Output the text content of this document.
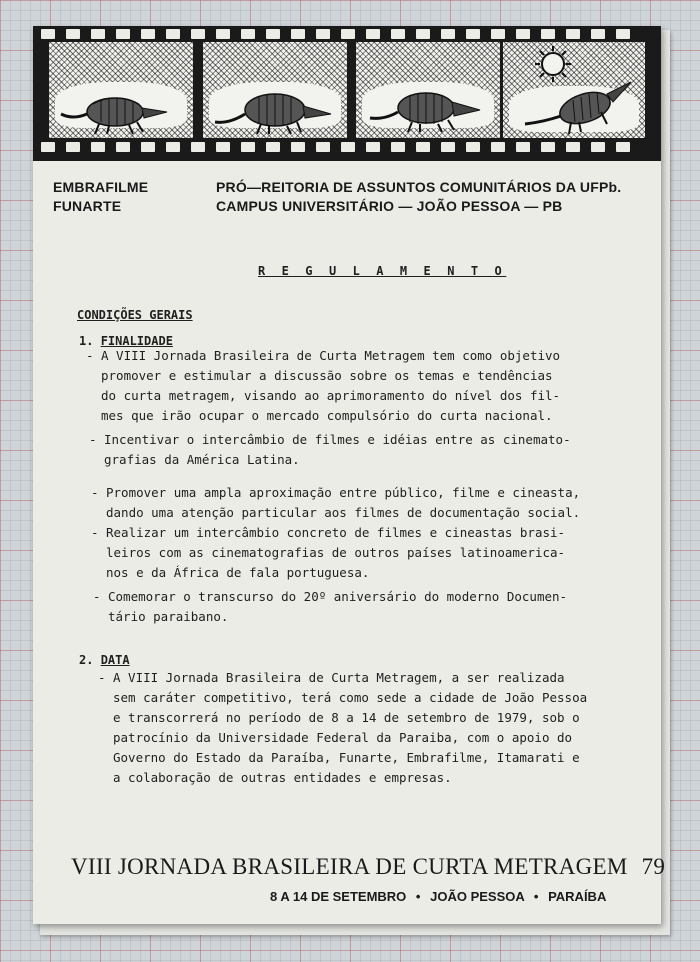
EMBRAFILME
FUNARTE
PRÓ—REITORIA DE ASSUNTOS COMUNITÁRIOS DA UFPb.
CAMPUS UNIVERSITÁRIO — JOÃO PESSOA — PB
R E G U L A M E N T O
CONDIÇÕES GERAIS
1. FINALIDADE
- A VIII Jornada Brasileira de Curta Metragem tem como objetivo
promover e estimular a discussão sobre os temas e tendências
do curta metragem, visando ao aprimoramento do nível dos fil-
mes que irão ocupar o mercado compulsório do curta nacional.
- Incentivar o intercâmbio de filmes e idéias entre as cinemato-
grafias da América Latina.
- Promover uma ampla aproximação entre público, filme e cineasta,
dando uma atenção particular aos filmes de documentação social.
- Realizar um intercâmbio concreto de filmes e cineastas brasi-
leiros com as cinematografias de outros países latinoamerica-
nos e da África de fala portuguesa.
- Comemorar o transcurso do 20º aniversário do moderno Documen-
tário paraibano.
2. DATA
- A VIII Jornada Brasileira de Curta Metragem, a ser realizada
sem caráter competitivo, terá como sede a cidade de João Pessoa
e transcorrerá no período de 8 a 14 de setembro de 1979, sob o
patrocínio da Universidade Federal da Paraiba, com o apoio do
Governo do Estado da Paraíba, Funarte, Embrafilme, Itamarati e
a colaboração de outras entidades e empresas.
VIII JORNADA BRASILEIRA DE CURTA METRAGEM 79
8 A 14 DE SETEMBRO • JOÃO PESSOA • PARAÍBA
